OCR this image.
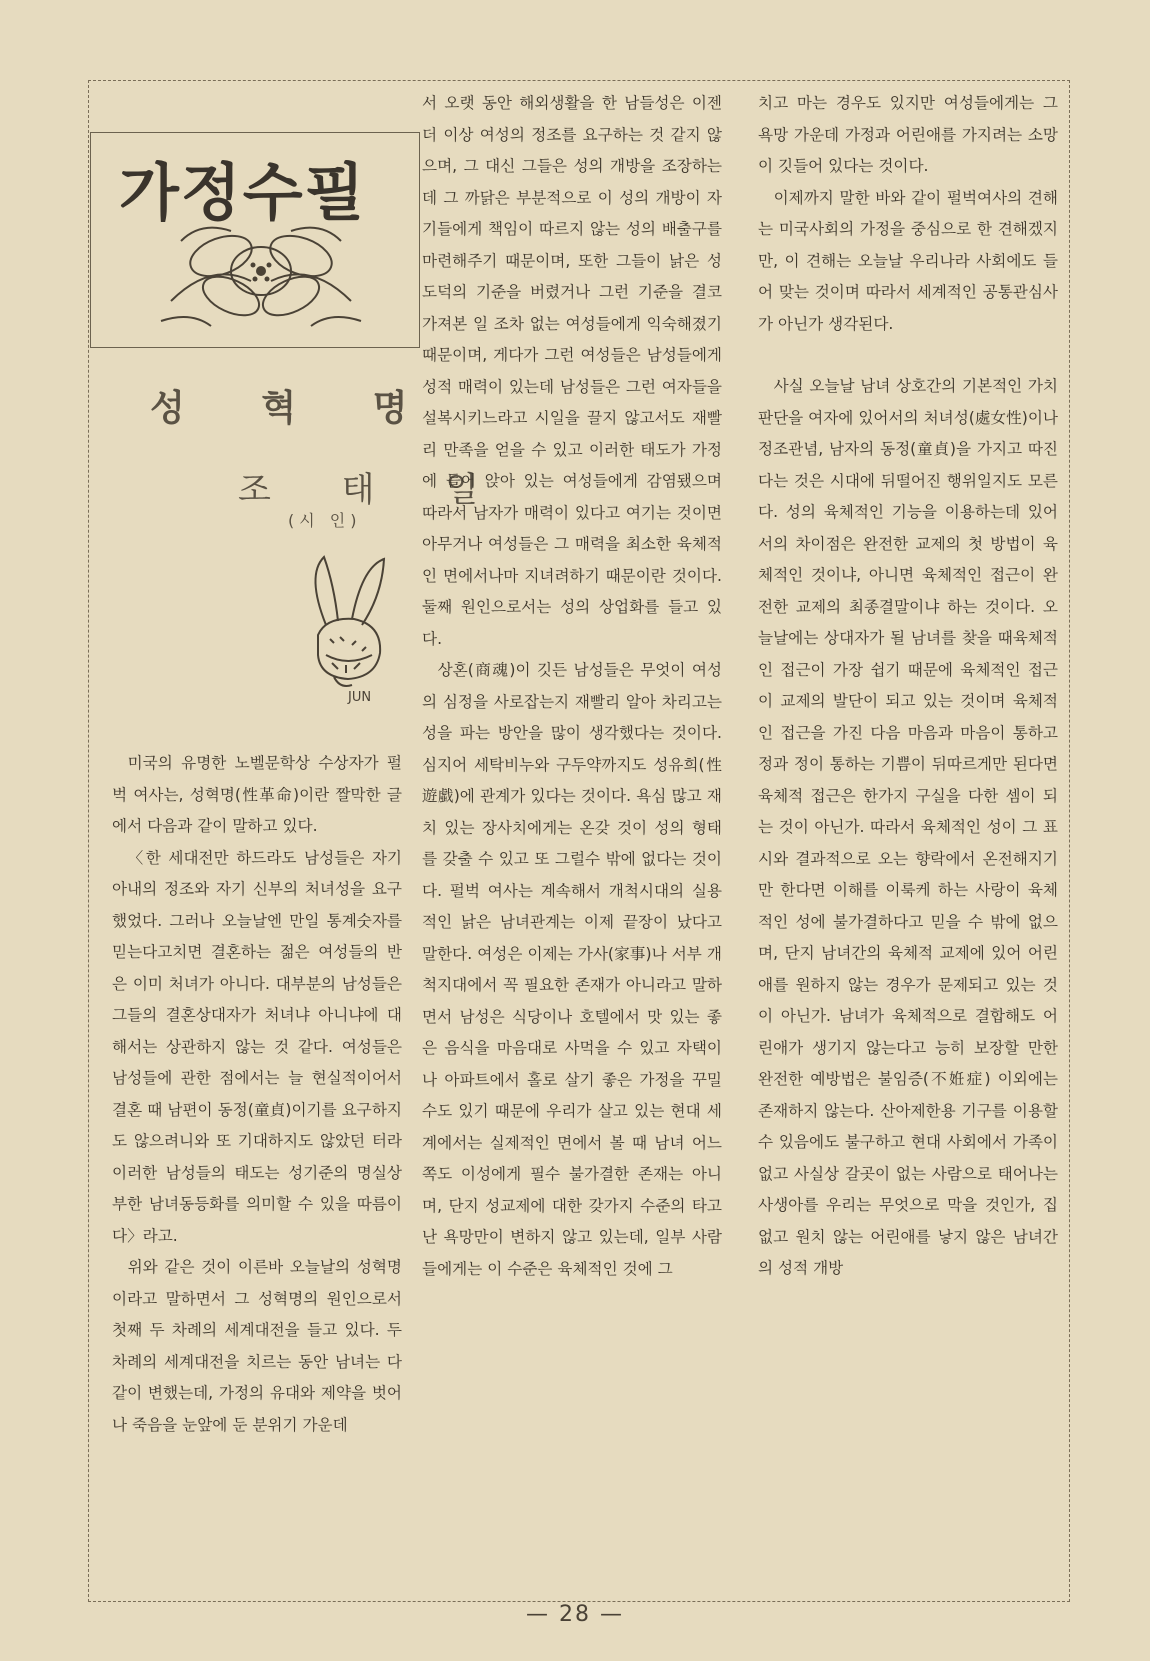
가정수필
성 혁 명
조 태 일
(시 인)
JUN

미국의 유명한 노벨문학상 수상자가 펄벅 여사는, 성혁명(性革命)이란 짤막한 글에서 다음과 같이 말하고 있다.

〈한 세대전만 하드라도 남성들은 자기 아내의 정조와 자기 신부의 처녀성을 요구했었다. 그러나 오늘날엔 만일 통계숫자를 믿는다고치면 결혼하는 젊은 여성들의 반은 이미 처녀가 아니다. 대부분의 남성들은 그들의 결혼상대자가 처녀냐 아니냐에 대해서는 상관하지 않는 것 같다. 여성들은 남성들에 관한 점에서는 늘 현실적이어서 결혼 때 남편이 동정(童貞)이기를 요구하지도 않으려니와 또 기대하지도 않았던 터라 이러한 남성들의 태도는 성기준의 명실상부한 남녀동등화를 의미할 수 있을 따름이다〉라고.

위와 같은 것이 이른바 오늘날의 성혁명이라고 말하면서 그 성혁명의 원인으로서 첫째 두 차례의 세계대전을 들고 있다. 두 차례의 세계대전을 치르는 동안 남녀는 다 같이 변했는데, 가정의 유대와 제약을 벗어나 죽음을 눈앞에 둔 분위기 가운데

서 오랫 동안 해외생활을 한 남들성은 이젠 더 이상 여성의 정조를 요구하는 것 같지 않으며, 그 대신 그들은 성의 개방을 조장하는데 그 까닭은 부분적으로 이 성의 개방이 자기들에게 책임이 따르지 않는 성의 배출구를 마련해주기 때문이며, 또한 그들이 낡은 성도덕의 기준을 버렸거나 그런 기준을 결코 가져본 일 조차 없는 여성들에게 익숙해졌기 때문이며, 게다가 그런 여성들은 남성들에게 성적 매력이 있는데 남성들은 그런 여자들을 설복시키느라고 시일을 끌지 않고서도 재빨리 만족을 얻을 수 있고 이러한 태도가 가정에 들어 앉아 있는 여성들에게 감염됐으며 따라서 남자가 매력이 있다고 여기는 것이면 아무거나 여성들은 그 매력을 최소한 육체적인 면에서나마 지녀려하기 때문이란 것이다. 둘째 원인으로서는 성의 상업화를 들고 있다.

상혼(商魂)이 깃든 남성들은 무엇이 여성의 심정을 사로잡는지 재빨리 알아 차리고는 성을 파는 방안을 많이 생각했다는 것이다. 심지어 세탁비누와 구두약까지도 성유희(性遊戱)에 관계가 있다는 것이다. 욕심 많고 재치 있는 장사치에게는 온갖 것이 성의 형태를 갖출 수 있고 또 그럴수 밖에 없다는 것이다. 펄벅 여사는 계속해서 개척시대의 실용적인 낡은 남녀관계는 이제 끝장이 났다고 말한다. 여성은 이제는 가사(家事)나 서부 개척지대에서 꼭 필요한 존재가 아니라고 말하면서 남성은 식당이나 호텔에서 맛 있는 좋은 음식을 마음대로 사먹을 수 있고 자택이나 아파트에서 홀로 살기 좋은 가정을 꾸밀 수도 있기 때문에 우리가 살고 있는 현대 세계에서는 실제적인 면에서 볼 때 남녀 어느 쪽도 이성에게 필수 불가결한 존재는 아니며, 단지 성교제에 대한 갖가지 수준의 타고난 욕망만이 변하지 않고 있는데, 일부 사람들에게는 이 수준은 육체적인 것에 그

치고 마는 경우도 있지만 여성들에게는 그 욕망 가운데 가정과 어린애를 가지려는 소망이 깃들어 있다는 것이다.

이제까지 말한 바와 같이 펄벅여사의 견해는 미국사회의 가정을 중심으로 한 견해겠지만, 이 견해는 오늘날 우리나라 사회에도 들어 맞는 것이며 따라서 세계적인 공통관심사가 아닌가 생각된다.

사실 오늘날 남녀 상호간의 기본적인 가치판단을 여자에 있어서의 처녀성(處女性)이나 정조관념, 남자의 동정(童貞)을 가지고 따진다는 것은 시대에 뒤떨어진 행위일지도 모른다. 성의 육체적인 기능을 이용하는데 있어서의 차이점은 완전한 교제의 첫 방법이 육체적인 것이냐, 아니면 육체적인 접근이 완전한 교제의 최종결말이냐 하는 것이다. 오늘날에는 상대자가 될 남녀를 찾을 때육체적인 접근이 가장 쉽기 때문에 육체적인 접근이 교제의 발단이 되고 있는 것이며 육체적인 접근을 가진 다음 마음과 마음이 통하고 정과 정이 통하는 기쁨이 뒤따르게만 된다면 육체적 접근은 한가지 구실을 다한 셈이 되는 것이 아닌가. 따라서 육체적인 성이 그 표시와 결과적으로 오는 향락에서 온전해지기만 한다면 이해를 이룩케 하는 사랑이 육체적인 성에 불가결하다고 믿을 수 밖에 없으며, 단지 남녀간의 육체적 교제에 있어 어린애를 원하지 않는 경우가 문제되고 있는 것이 아닌가. 남녀가 육체적으로 결합해도 어린애가 생기지 않는다고 능히 보장할 만한 완전한 예방법은 불임증(不姙症) 이외에는 존재하지 않는다. 산아제한용 기구를 이용할 수 있음에도 불구하고 현대 사회에서 가족이 없고 사실상 갈곳이 없는 사람으로 태어나는 사생아를 우리는 무엇으로 막을 것인가, 집 없고 원치 않는 어린애를 낳지 않은 남녀간의 성적 개방

— 28 —
